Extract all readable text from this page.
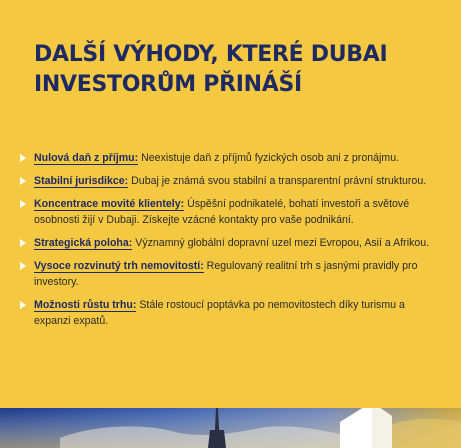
DALŠÍ VÝHODY, KTERÉ DUBAI
INVESTORŮM PŘINÁŠÍ
Nulová daň z příjmu: Neexistuje daň z příjmů fyzických osob ani z pronájmu.
Stabilní jurisdikce: Dubaj je známá svou stabilní a transparentní právní strukturou.
Koncentrace movité klientely: Úspěšní podnikatelé, bohatí investoři a světové osobnosti žijí v Dubaji. Získejte vzácné kontakty pro vaše podnikání.
Strategická poloha: Významný globální dopravní uzel mezi Evropou, Asií a Afrikou.
Vysoce rozvinutý trh nemovitostí: Regulovaný realitní trh s jasnými pravidly pro investory.
Možnosti růstu trhu: Stále rostoucí poptávka po nemovitostech díky turismu a expanzi expatů.
